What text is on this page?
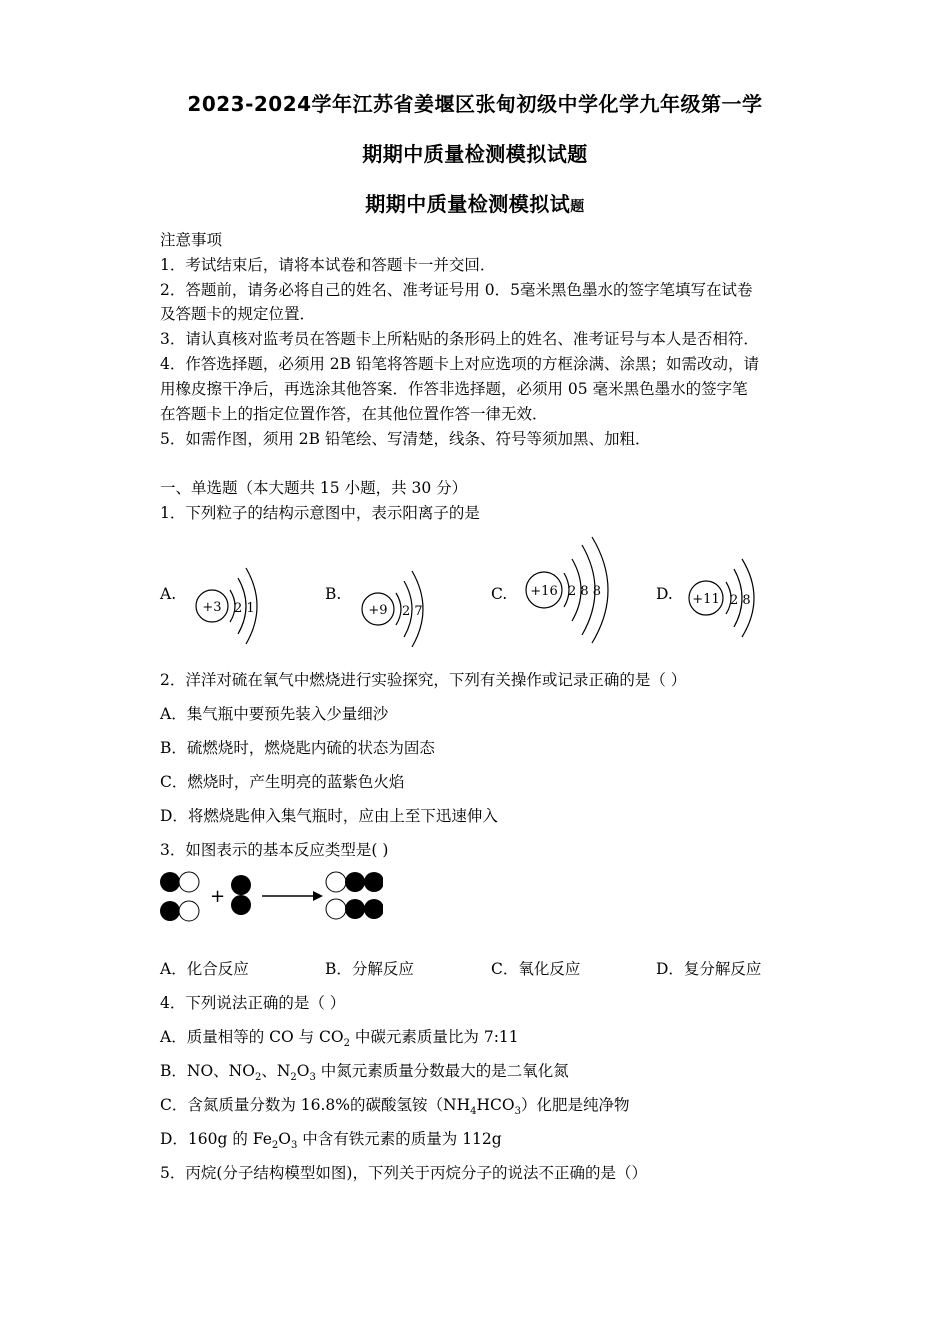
2023-2024学年江苏省姜堰区张甸初级中学化学九年级第一学
期期中质量检测模拟试题
期期中质量检测模拟试题
注意事项
1．考试结束后，请将本试卷和答题卡一并交回．
2．答题前，请务必将自己的姓名、准考证号用 0．5毫米黑色墨水的签字笔填写在试卷
及答题卡的规定位置．
3．请认真核对监考员在答题卡上所粘贴的条形码上的姓名、准考证号与本人是否相符．
4．作答选择题，必须用 2B 铅笔将答题卡上对应选项的方框涂满、涂黑；如需改动，请
用橡皮擦干净后，再选涂其他答案．作答非选择题，必须用 05 毫米黑色墨水的签字笔
在答题卡上的指定位置作答，在其他位置作答一律无效．
5．如需作图，须用 2B 铅笔绘、写清楚，线条、符号等须加黑、加粗．
一、单选题（本大题共 15 小题，共 30 分）
1．下列粒子的结构示意图中，表示阳离子的是
A.
+3 2 1
B.
+9 2 7
C. +16 2 8 8	D. +11 2 8
2．洋洋对硫在氧气中燃烧进行实验探究，下列有关操作或记录正确的是（ ）
A．集气瓶中要预先装入少量细沙
B．硫燃烧时，燃烧匙内硫的状态为固态
C．燃烧时，产生明亮的蓝紫色火焰
D．将燃烧匙伸入集气瓶时，应由上至下迅速伸入
3．如图表示的基本反应类型是( )
+
A．化合反应	B．分解反应	C．氧化反应	D．复分解反应
4．下列说法正确的是（ ）
A．质量相等的 CO 与 $CO_2$ 中碳元素质量比为 7:11
B．NO、$NO_2$、$N_2O_3$ 中氮元素质量分数最大的是二氧化氮
C．含氮质量分数为 16.8%的碳酸氢铵$(NH_4HCO_3)$化肥是纯净物
D．160g 的 $Fe_2O_3$ 中含有铁元素的质量为 112g
5．丙烷(分子结构模型如图)，下列关于丙烷分子的说法不正确的是（）
